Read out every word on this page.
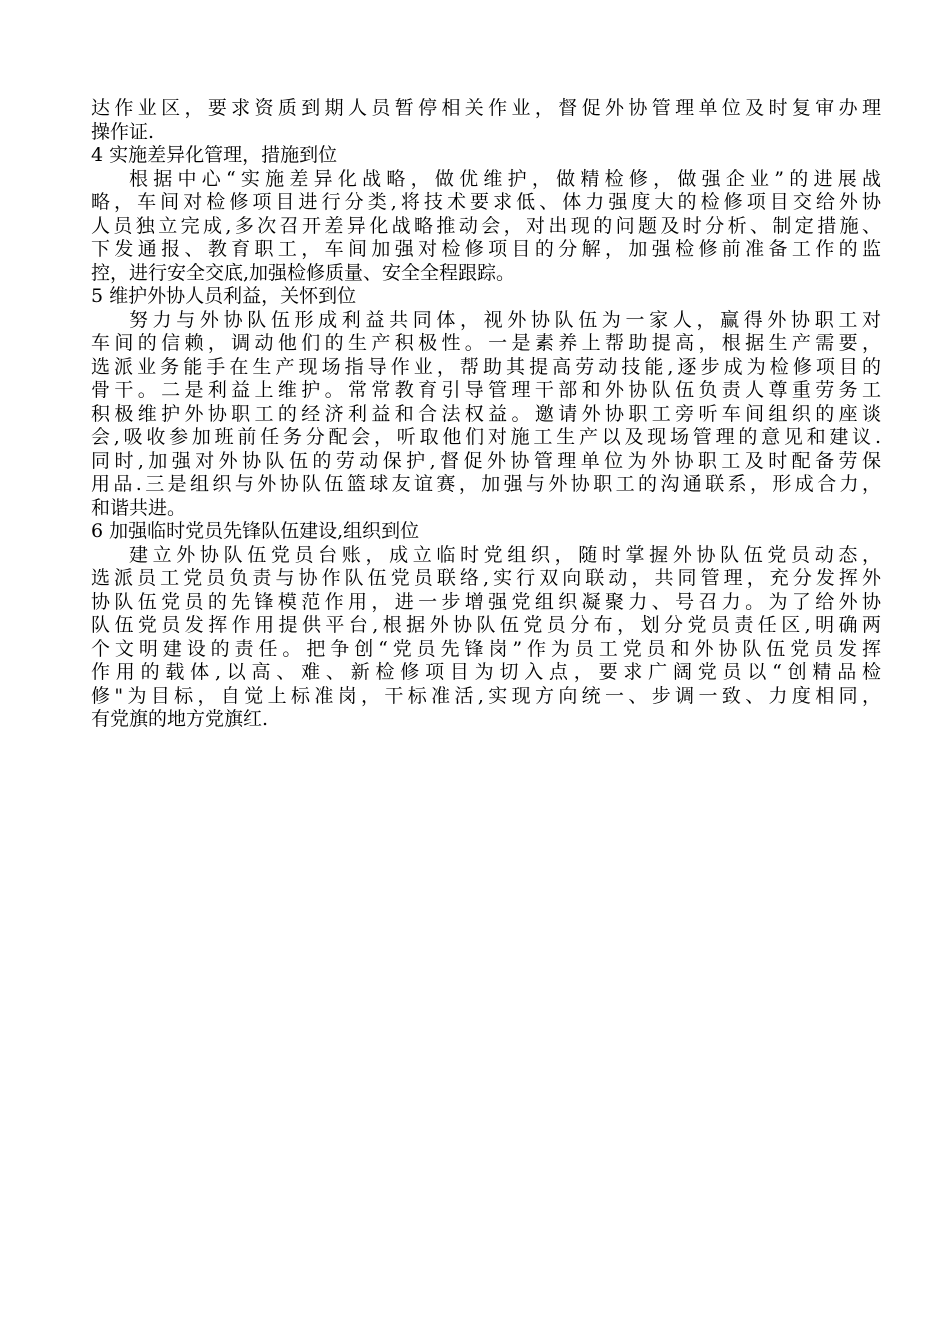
达作业区，要求资质到期人员暂停相关作业，督促外协管理单位及时复审办理
操作证.
4 实施差异化管理，措施到位
根据中心“实施差异化战略，做优维护，做精检修，做强企业”的进展战
略，车间对检修项目进行分类,将技术要求低、体力强度大的检修项目交给外协
人员独立完成,多次召开差异化战略推动会，对出现的问题及时分析、制定措施、
下发通报、教育职工，车间加强对检修项目的分解，加强检修前准备工作的监
控，进行安全交底,加强检修质量、安全全程跟踪。
5 维护外协人员利益，关怀到位
努力与外协队伍形成利益共同体，视外协队伍为一家人，赢得外协职工对
车间的信赖，调动他们的生产积极性。一是素养上帮助提高，根据生产需要，
选派业务能手在生产现场指导作业，帮助其提高劳动技能,逐步成为检修项目的
骨干。二是利益上维护。常常教育引导管理干部和外协队伍负责人尊重劳务工
积极维护外协职工的经济利益和合法权益。邀请外协职工旁听车间组织的座谈
会,吸收参加班前任务分配会，听取他们对施工生产以及现场管理的意见和建议.
同时,加强对外协队伍的劳动保护,督促外协管理单位为外协职工及时配备劳保
用品.三是组织与外协队伍篮球友谊赛，加强与外协职工的沟通联系，形成合力，
和谐共进。
6 加强临时党员先锋队伍建设,组织到位
建立外协队伍党员台账，成立临时党组织，随时掌握外协队伍党员动态，
选派员工党员负责与协作队伍党员联络,实行双向联动，共同管理，充分发挥外
协队伍党员的先锋模范作用，进一步增强党组织凝聚力、号召力。为了给外协
队伍党员发挥作用提供平台,根据外协队伍党员分布，划分党员责任区,明确两
个文明建设的责任。把争创“党员先锋岗”作为员工党员和外协队伍党员发挥
作用的载体,以高、难、新检修项目为切入点，要求广阔党员以“创精品检
修"为目标，自觉上标准岗，干标准活,实现方向统一、步调一致、力度相同，
有党旗的地方党旗红.
